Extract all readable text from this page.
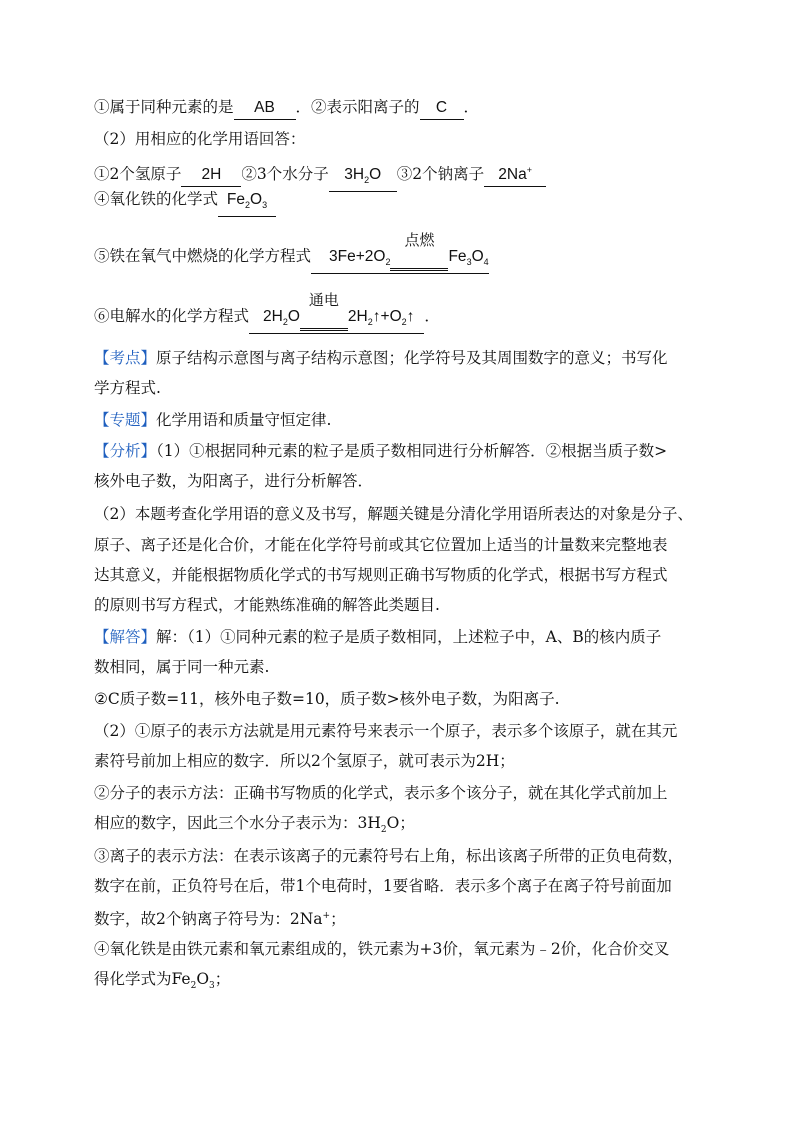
①属于同种元素的是 AB ．②表示阳离子的 C ．
（2）用相应的化学用语回答：
①2个氢原子 2H ②3个水分子 $3H_2O$ ③2个钠离子 2Na+
④氧化铁的化学式 $Fe_2O_3$
⑤铁在氧气中燃烧的化学方程式 $3Fe+2O_2$
点燃
$Fe_3O_4$
⑥电解水的化学方程式 $2H_2O$
通电
$2H_2↑+O_2↑$ ．
【考点】原子结构示意图与离子结构示意图；化学符号及其周围数字的意义；书写化
学方程式.
【专题】化学用语和质量守恒定律.
【分析】（1）①根据同种元素的粒子是质子数相同进行分析解答．②根据当质子数>
核外电子数，为阳离子，进行分析解答．
（2）本题考查化学用语的意义及书写，解题关键是分清化学用语所表达的对象是分子、
原子、离子还是化合价，才能在化学符号前或其它位置加上适当的计量数来完整地表
达其意义，并能根据物质化学式的书写规则正确书写物质的化学式，根据书写方程式
的原则书写方程式，才能熟练准确的解答此类题目.
【解答】解：（1）①同种元素的粒子是质子数相同，上述粒子中，A、B的核内质子
数相同，属于同一种元素.
②C质子数=11，核外电子数=10，质子数>核外电子数，为阳离子.
（2）①原子的表示方法就是用元素符号来表示一个原子，表示多个该原子，就在其元
素符号前加上相应的数字．所以2个氢原子，就可表示为2H；
②分子的表示方法：正确书写物质的化学式，表示多个该分子，就在其化学式前加上
相应的数字，因此三个水分子表示为：$3H_2O$；
③离子的表示方法：在表示该离子的元素符号右上角，标出该离子所带的正负电荷数，
数字在前，正负符号在后，带1个电荷时，1要省略．表示多个离子在离子符号前面加
数字，故2个钠离子符号为：2Na+；
④氧化铁是由铁元素和氧元素组成的，铁元素为+3价，氧元素为﹣2价，化合价交叉
得化学式为$Fe_2O_3$；
